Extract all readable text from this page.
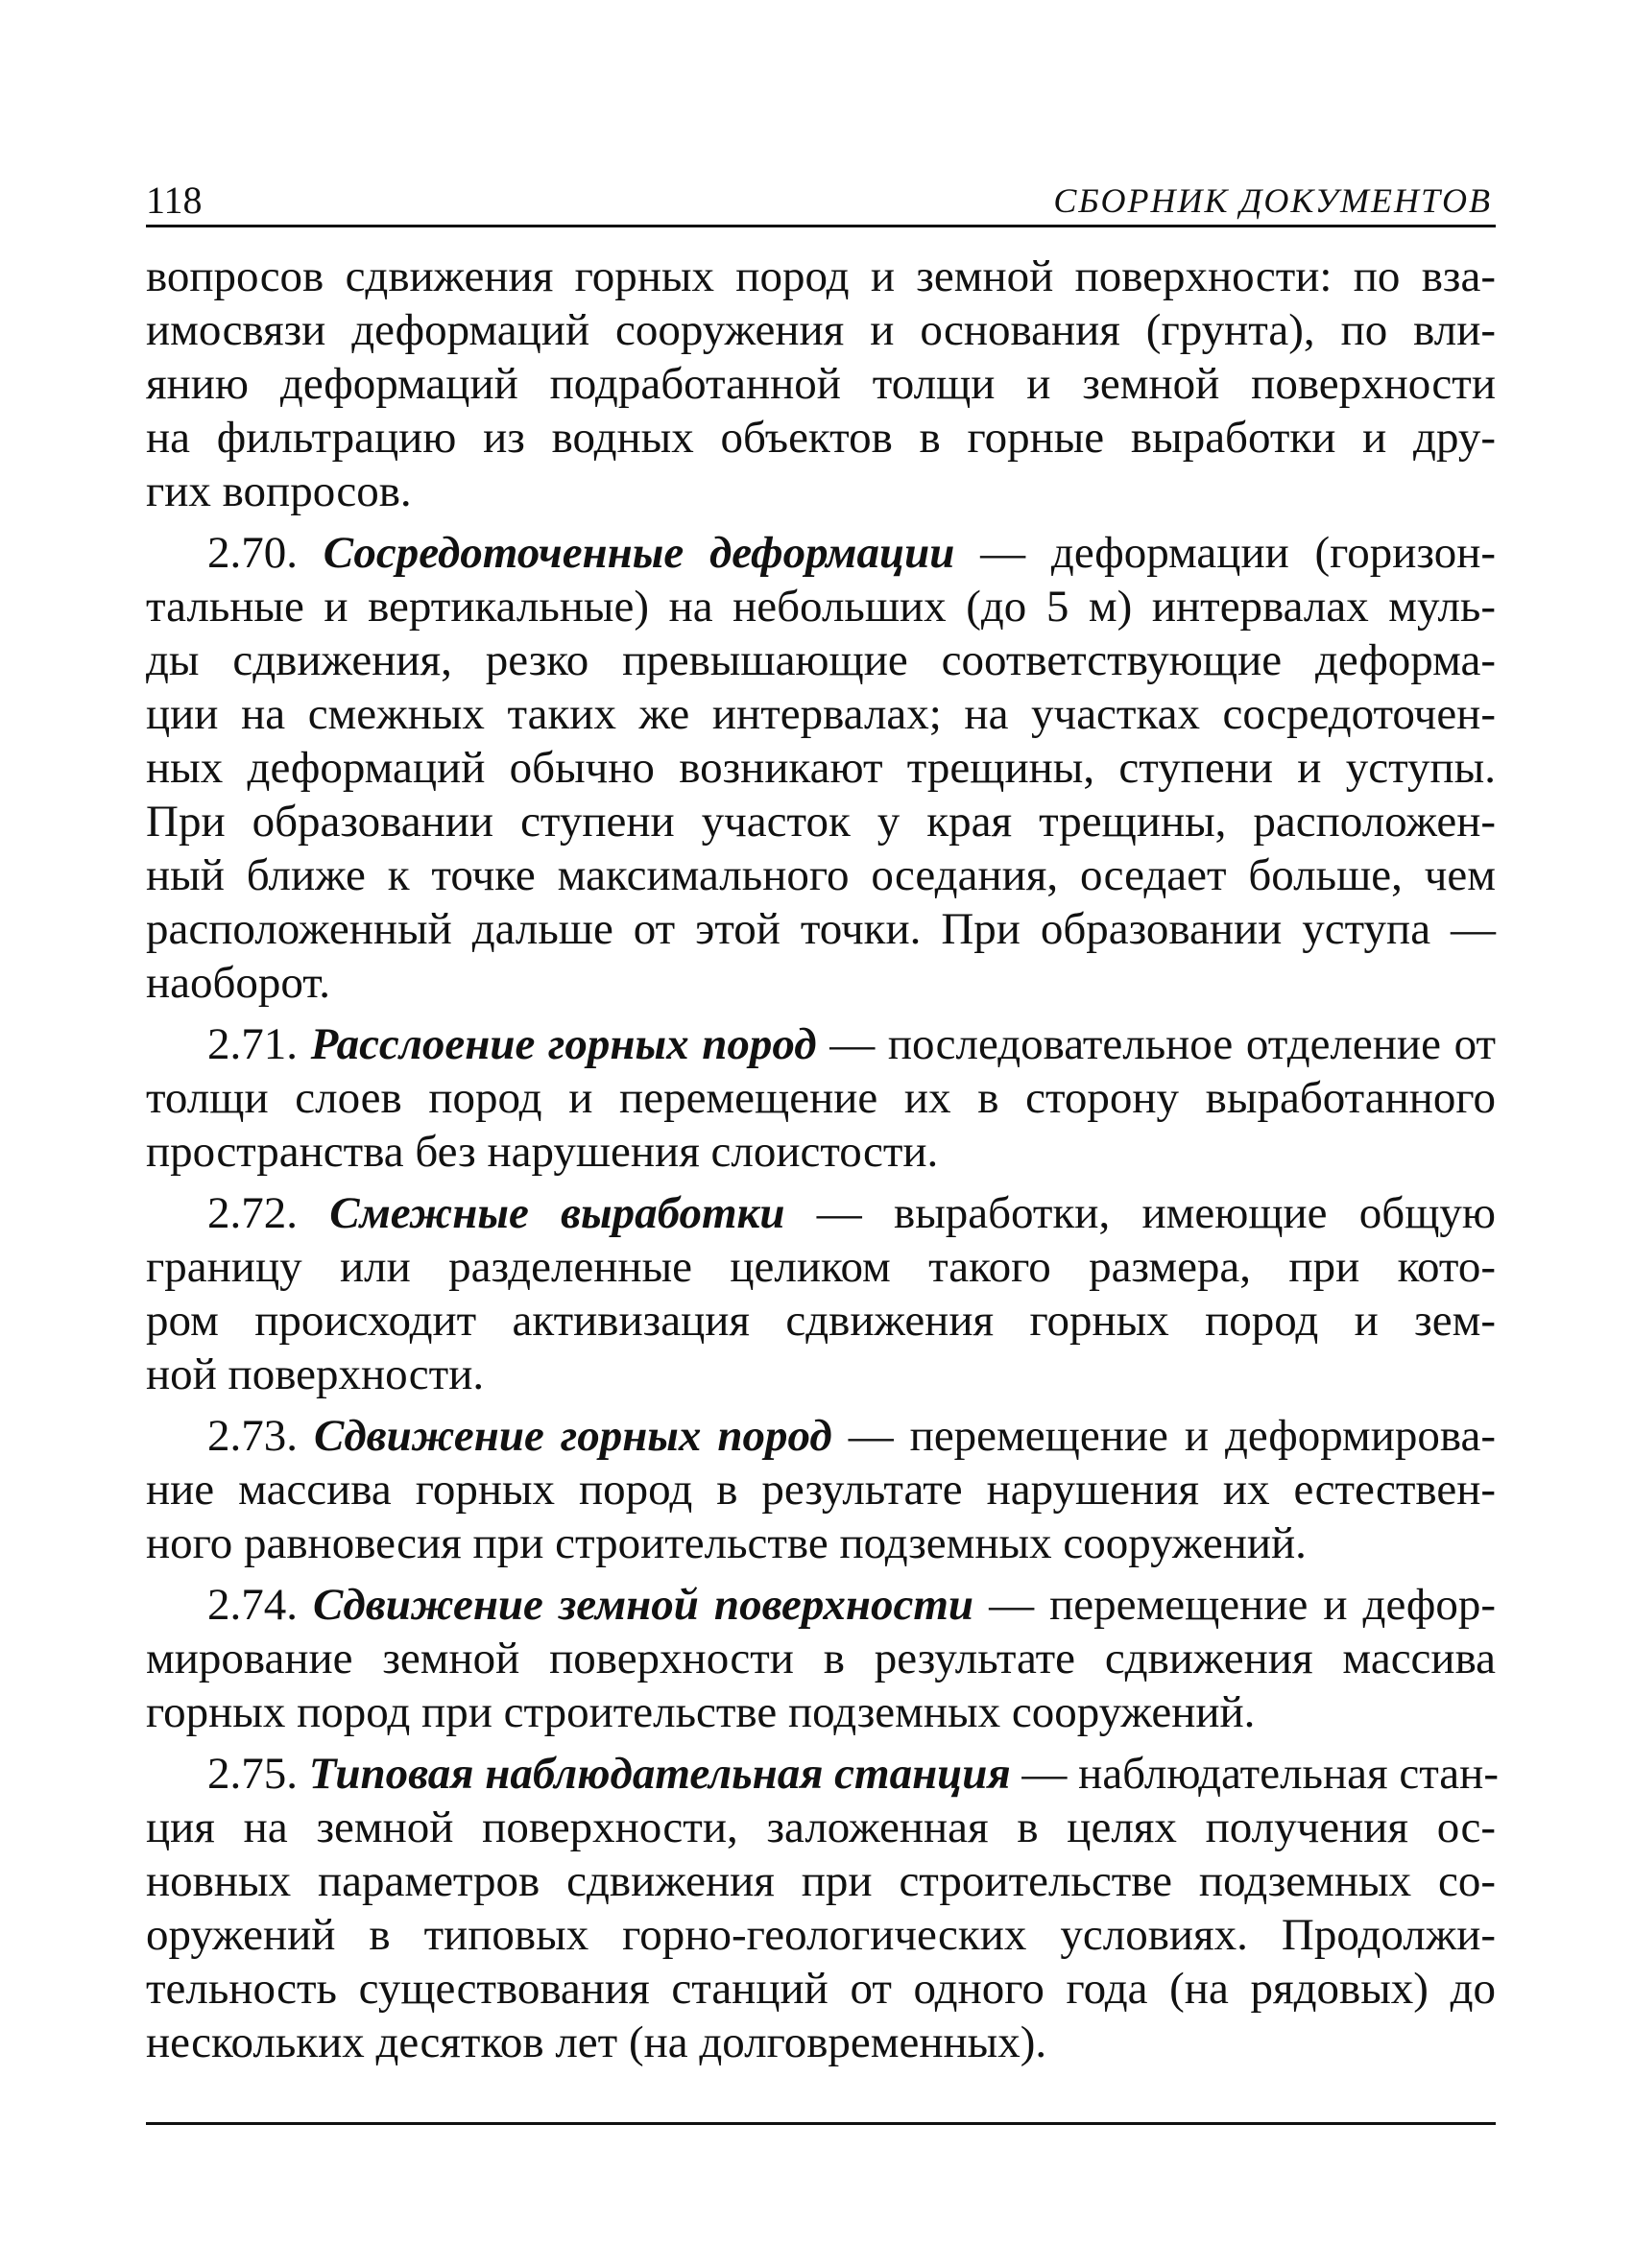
118	СБОРНИК ДОКУМЕНТОВ
вопросов сдвижения горных пород и земной поверхности: по вза-
имосвязи деформаций сооружения и основания (грунта), по вли-
янию деформаций подработанной толщи и земной поверхности
на фильтрацию из водных объектов в горные выработки и дру-
гих вопросов.
2.70. Сосредоточенные деформации — деформации (горизон-
тальные и вертикальные) на небольших (до 5 м) интервалах муль-
ды сдвижения, резко превышающие соответствующие деформа-
ции на смежных таких же интервалах; на участках сосредоточен-
ных деформаций обычно возникают трещины, ступени и уступы.
При образовании ступени участок у края трещины, расположен-
ный ближе к точке максимального оседания, оседает больше, чем
расположенный дальше от этой точки. При образовании уступа —
наоборот.
2.71. Расслоение горных пород — последовательное отделение от
толщи слоев пород и перемещение их в сторону выработанного
пространства без нарушения слоистости.
2.72. Смежные выработки — выработки, имеющие общую
границу или разделенные целиком такого размера, при кото-
ром происходит активизация сдвижения горных пород и зем-
ной поверхности.
2.73. Сдвижение горных пород — перемещение и деформирова-
ние массива горных пород в результате нарушения их естествен-
ного равновесия при строительстве подземных сооружений.
2.74. Сдвижение земной поверхности — перемещение и дефор-
мирование земной поверхности в результате сдвижения массива
горных пород при строительстве подземных сооружений.
2.75. Типовая наблюдательная станция — наблюдательная стан-
ция на земной поверхности, заложенная в целях получения ос-
новных параметров сдвижения при строительстве подземных со-
оружений в типовых горно-геологических условиях. Продолжи-
тельность существования станций от одного года (на рядовых) до
нескольких десятков лет (на долговременных).
